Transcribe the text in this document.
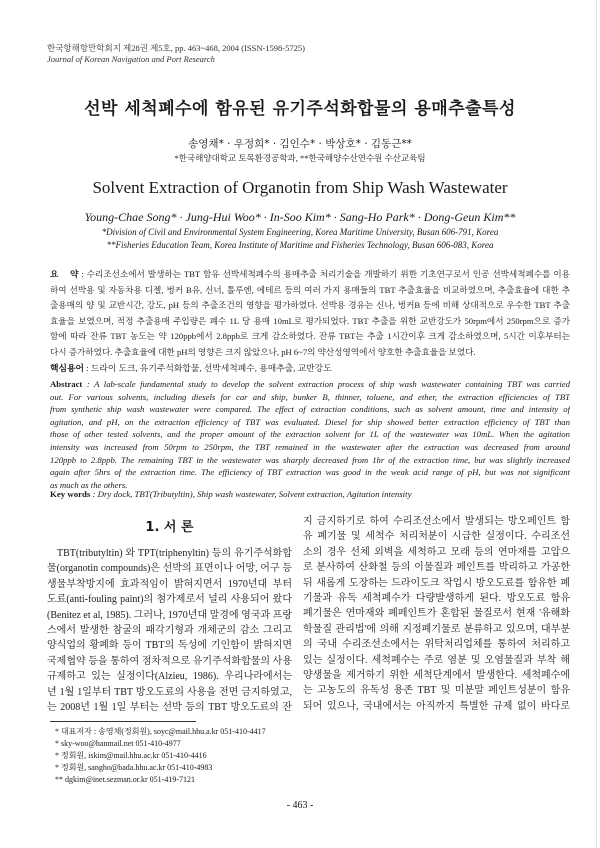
한국항해항만학회지 제28권 제5호, pp. 463~468, 2004 (ISSN-1598-5725)
Journal of Korean Navigation and Port Research
선박 세척폐수에 함유된 유기주석화합물의 용매추출특성
송영채* · 우정희* · 김인수* · 박상호* · 김동근**
*한국해양대학교 토목환경공학과, **한국해양수산연수원 수산교육팀
Solvent Extraction of Organotin from Ship Wash Wastewater
Young-Chae Song* · Jung-Hui Woo* · In-Soo Kim* · Sang-Ho Park* · Dong-Geun Kim**
*Division of Civil and Environmental System Engineering, Korea Maritime University, Busan 606-791, Korea
**Fisheries Education Team, Korea Institute of Maritime and Fisheries Technology, Busan 606-083, Korea
요    약 : 수리조선소에서 발생하는 TBT 함유 선박세척폐수의 용매추출 처리기술을 개발하기 위한 기초연구로서 인공 선박세척폐수를 이용
하여 선박용 및 자동차용 디젤, 벙커 B유, 신너, 톨루엔, 에테르 등의 여러 가지 용매들의 TBT 추출효율을 비교하였으며, 추출효율에 대한 추
출용매의 양 및 교반시간, 강도, pH 등의 추출조건의 영향을 평가하였다. 선박용 경유는 신나, 벙커B 등에 비해 상대적으로 우수한 TBT 추출
효율을 보였으며, 적정 추출용매 주입량은 폐수 1L 당 용매 10mL로 평가되었다. TBT 추출을 위한 교반강도가 50rpm에서 250rpm으로 증가
함에 따라 잔류 TBT 농도는 약 120ppb에서 2.8ppb로 크게 감소하였다. 잔류 TBT는 추출 1시간이후 크게 감소하였으며, 5시간 이후부터는
다시 증가하였다. 추출효율에 대한 pH의 영향은 크지 않았으나, pH 6~7의 약산성영역에서 양호한 추출효율을 보였다.
핵심용어 : 드라이 도크, 유기주석화합물, 선박세척폐수, 용매추출, 교반강도
Abstract : A lab-scale fundamental study to develop the solvent extraction process of ship wash wastewater containing TBT was carried
out. For various solvents, including diesels for car and ship, bunker B, thinner, toluene, and ether, the extraction efficiencies of TBT
from synthetic ship wash wastewater were compared. The effect of extraction conditions, such as solvent amount, time and intensity of
agitation, and pH, on the extraction efficiency of TBT was evaluated. Diesel for ship showed better extraction efficiency of TBT than
those of other tested solvents, and the proper amount of the extraction solvent for 1L of the wastewater was 10mL. When the agitation
intensity was increased from 50rpm to 250rpm, the TBT remained in the wastewater after the extraction was decreased from around
120ppb to 2.8ppb. The remaining TBT in the wastewater was sharply decreased from 1hr of the extraction time, but was slightly increased
again after 5hrs of the extraction time. The efficiency of TBT extraction was good in the weak acid range of pH, but was not significant
as much as the others.
Key words : Dry dock, TBT(Tributyltin), Ship wash wastewater, Solvent extraction, Agitation intensity
1. 서 론
TBT(tributyltin) 와 TPT(triphenyltin) 등의 유기주석화합
물(organotin compounds)은 선박의 표면이나 어망, 어구 등
생물부착방지에 효과적임이 밝혀지면서 1970년대 부터
도료(anti-fouling paint)의 첨가제로서 널리 사용되어 왔다
(Benitez et al, 1985). 그러나, 1970년대 말경에 영국과 프랑
스에서 발생한 참굴의 패각기형과 개체군의 감소 그리고
양식업의 황폐화 등이 TBT의 독성에 기인함이 밝혀지면
국제협약 등을 통하여 점차적으로 유기주석화합물의 사용
규제하고 있는 실정이다(Alzieu, 1986). 우리나라에서는
년 1월 1일부터 TBT 방오도료의 사용을 전면 금지하였고,
는 2008년 1월 1일 부터는 선박 등의 TBT 방오도료의 잔
지 금지하기로 하여 수리조선소에서 발생되는 방오페인트 함
유 폐기물 및 세척수 처리처분이 시급한 실정이다. 수리조선
소의 경우 선체 외벽을 세척하고 모래 등의 연마재를 고압으
로 분사하여 산화철 등의 이물질과 페인트를 박리하고 가공한
뒤 새롭게 도장하는 드라이도크 작업시 방오도료를 함유한 폐
기물과 유독 세척폐수가 다량발생하게 된다. 방오도료 함유
폐기물은 연마재와 폐페인트가 혼합된 물질로서 현재 '유해화
학물질 관리법'에 의해 지정폐기물로 분류하고 있으며, 대부분
의 국내 수리조선소에서는 위탁처리업체를 통하여 처리하고
있는 실정이다. 세척폐수는 주로 염분 및 오염물질과 부착 해
양생물을 제거하기 위한 세척단계에서 발생한다. 세척폐수에
는 고농도의 유독성 용존 TBT 및 미분말 페인트성분이 함유
되어 있으나, 국내에서는 아직까지 특별한 규제 없이 바다로
* 대표저자 : 송영채(정회원), soyc@mail.hhu.a.kr 051-410-4417
* sky-woo@hanmail.net 051-410-4977
* 정회원, iskim@mail.hhu.ac.kr 051-410-4416
* 정회원, sangho@bada.hhu.ac.kr 051-410-4983
** dgkim@inet.sezman.or.kr 051-419-7121
- 463 -
